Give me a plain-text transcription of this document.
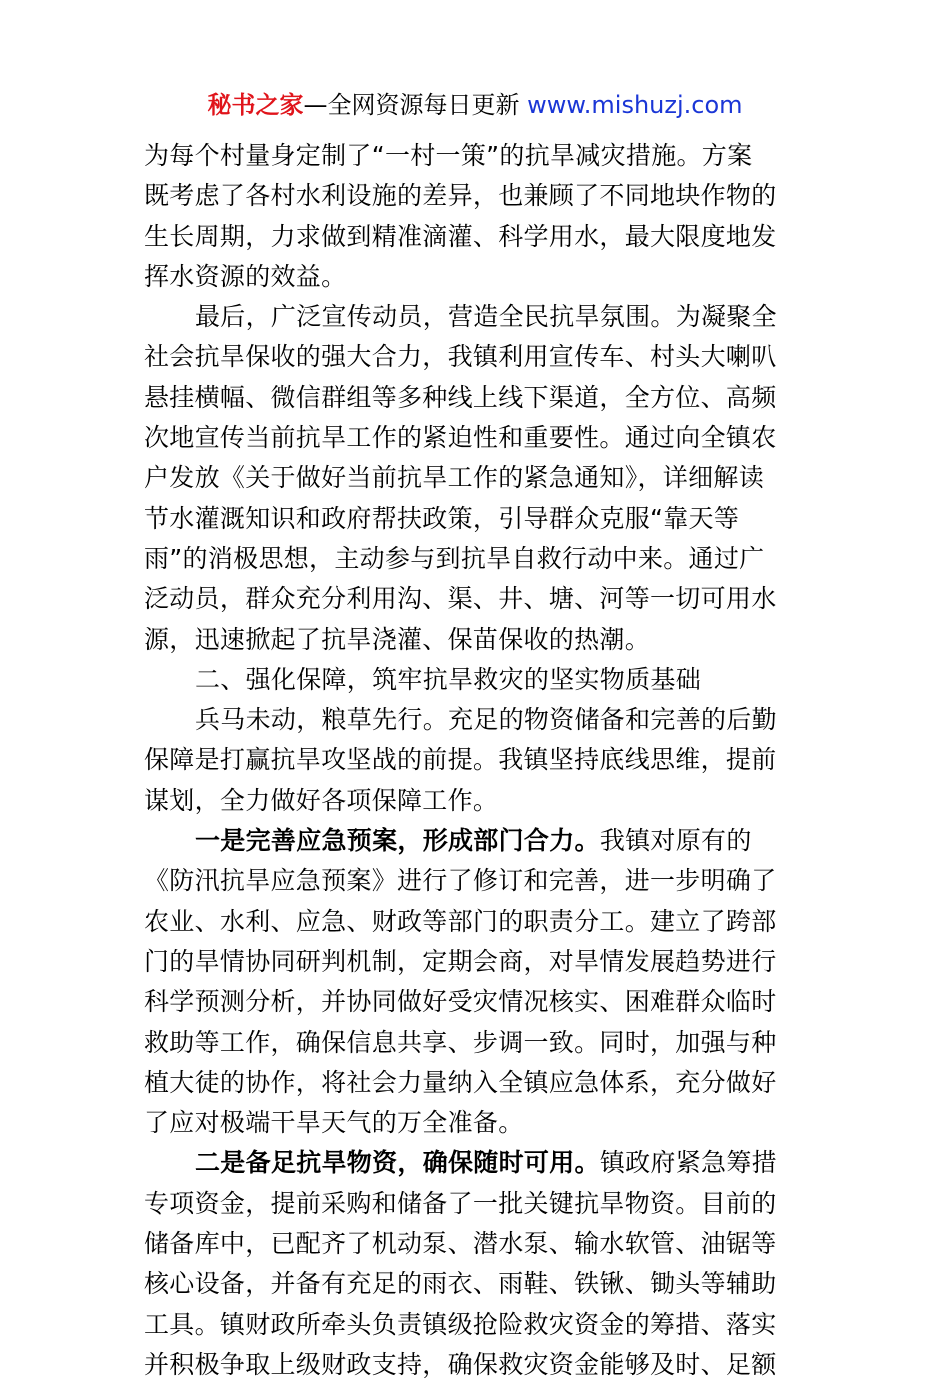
秘书之家—全网资源每日更新 www.mishuzj.com
为每个村量身定制了“一村一策”的抗旱减灾措施。方案
既考虑了各村水利设施的差异，也兼顾了不同地块作物的
生长周期，力求做到精准滴灌、科学用水，最大限度地发
挥水资源的效益。
最后，广泛宣传动员，营造全民抗旱氛围。为凝聚全
社会抗旱保收的强大合力，我镇利用宣传车、村头大喇叭
悬挂横幅、微信群组等多种线上线下渠道，全方位、高频
次地宣传当前抗旱工作的紧迫性和重要性。通过向全镇农
户发放《关于做好当前抗旱工作的紧急通知》，详细解读
节水灌溉知识和政府帮扶政策，引导群众克服“靠天等
雨”的消极思想，主动参与到抗旱自救行动中来。通过广
泛动员，群众充分利用沟、渠、井、塘、河等一切可用水
源，迅速掀起了抗旱浇灌、保苗保收的热潮。
二、强化保障，筑牢抗旱救灾的坚实物质基础
兵马未动，粮草先行。充足的物资储备和完善的后勤
保障是打赢抗旱攻坚战的前提。我镇坚持底线思维，提前
谋划，全力做好各项保障工作。
一是完善应急预案，形成部门合力。我镇对原有的
《防汛抗旱应急预案》进行了修订和完善，进一步明确了
农业、水利、应急、财政等部门的职责分工。建立了跨部
门的旱情协同研判机制，定期会商，对旱情发展趋势进行
科学预测分析，并协同做好受灾情况核实、困难群众临时
救助等工作，确保信息共享、步调一致。同时，加强与种
植大徒的协作，将社会力量纳入全镇应急体系，充分做好
了应对极端干旱天气的万全准备。
二是备足抗旱物资，确保随时可用。镇政府紧急筹措
专项资金，提前采购和储备了一批关键抗旱物资。目前的
储备库中，已配齐了机动泵、潜水泵、输水软管、油锯等
核心设备，并备有充足的雨衣、雨鞋、铁锹、锄头等辅助
工具。镇财政所牵头负责镇级抢险救灾资金的筹措、落实
并积极争取上级财政支持，确保救灾资金能够及时、足额
